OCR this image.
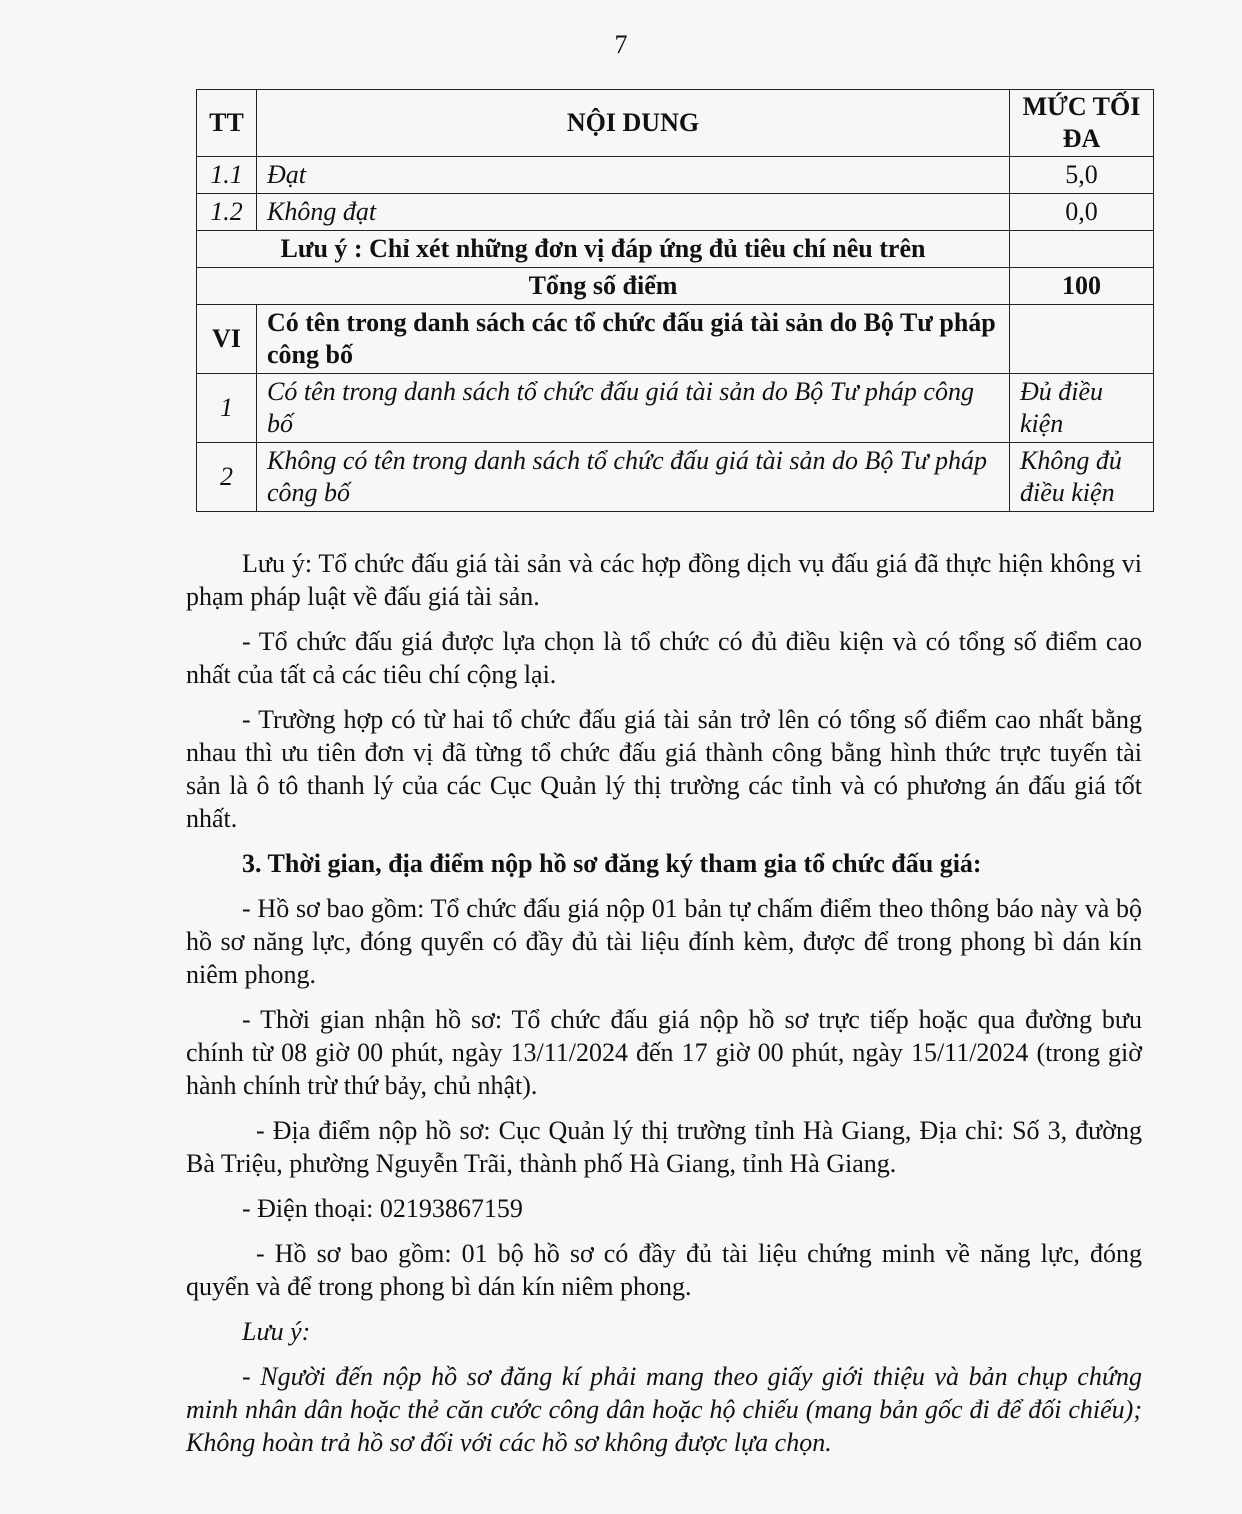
7
TT	NỘI DUNG	MỨC TỐI ĐA
1.1	Đạt	5,0
1.2	Không đạt	0,0
Lưu ý : Chỉ xét những đơn vị đáp ứng đủ tiêu chí nêu trên		
Tổng số điểm		100
VI	Có tên trong danh sách các tổ chức đấu giá tài sản do Bộ Tư pháp công bố	
1	Có tên trong danh sách tổ chức đấu giá tài sản do Bộ Tư pháp công bố	Đủ điều kiện
2	Không có tên trong danh sách tổ chức đấu giá tài sản do Bộ Tư pháp công bố	Không đủ điều kiện

Lưu ý: Tổ chức đấu giá tài sản và các hợp đồng dịch vụ đấu giá đã thực hiện không vi phạm pháp luật về đấu giá tài sản.

- Tổ chức đấu giá được lựa chọn là tổ chức có đủ điều kiện và có tổng số điểm cao nhất của tất cả các tiêu chí cộng lại.

- Trường hợp có từ hai tổ chức đấu giá tài sản trở lên có tổng số điểm cao nhất bằng nhau thì ưu tiên đơn vị đã từng tổ chức đấu giá thành công bằng hình thức trực tuyến tài sản là ô tô thanh lý của các Cục Quản lý thị trường các tỉnh và có phương án đấu giá tốt nhất.

3. Thời gian, địa điểm nộp hồ sơ đăng ký tham gia tổ chức đấu giá:

- Hồ sơ bao gồm: Tổ chức đấu giá nộp 01 bản tự chấm điểm theo thông báo này và bộ hồ sơ năng lực, đóng quyển có đầy đủ tài liệu đính kèm, được để trong phong bì dán kín niêm phong.

- Thời gian nhận hồ sơ: Tổ chức đấu giá nộp hồ sơ trực tiếp hoặc qua đường bưu chính từ 08 giờ 00 phút, ngày 13/11/2024 đến 17 giờ 00 phút, ngày 15/11/2024 (trong giờ hành chính trừ thứ bảy, chủ nhật).

- Địa điểm nộp hồ sơ: Cục Quản lý thị trường tỉnh Hà Giang, Địa chỉ: Số 3, đường Bà Triệu, phường Nguyễn Trãi, thành phố Hà Giang, tỉnh Hà Giang.

- Điện thoại: 02193867159

- Hồ sơ bao gồm: 01 bộ hồ sơ có đầy đủ tài liệu chứng minh về năng lực, đóng quyển và để trong phong bì dán kín niêm phong.

Lưu ý:

- Người đến nộp hồ sơ đăng kí phải mang theo giấy giới thiệu và bản chụp chứng minh nhân dân hoặc thẻ căn cước công dân hoặc hộ chiếu (mang bản gốc đi để đối chiếu); Không hoàn trả hồ sơ đối với các hồ sơ không được lựa chọn.
